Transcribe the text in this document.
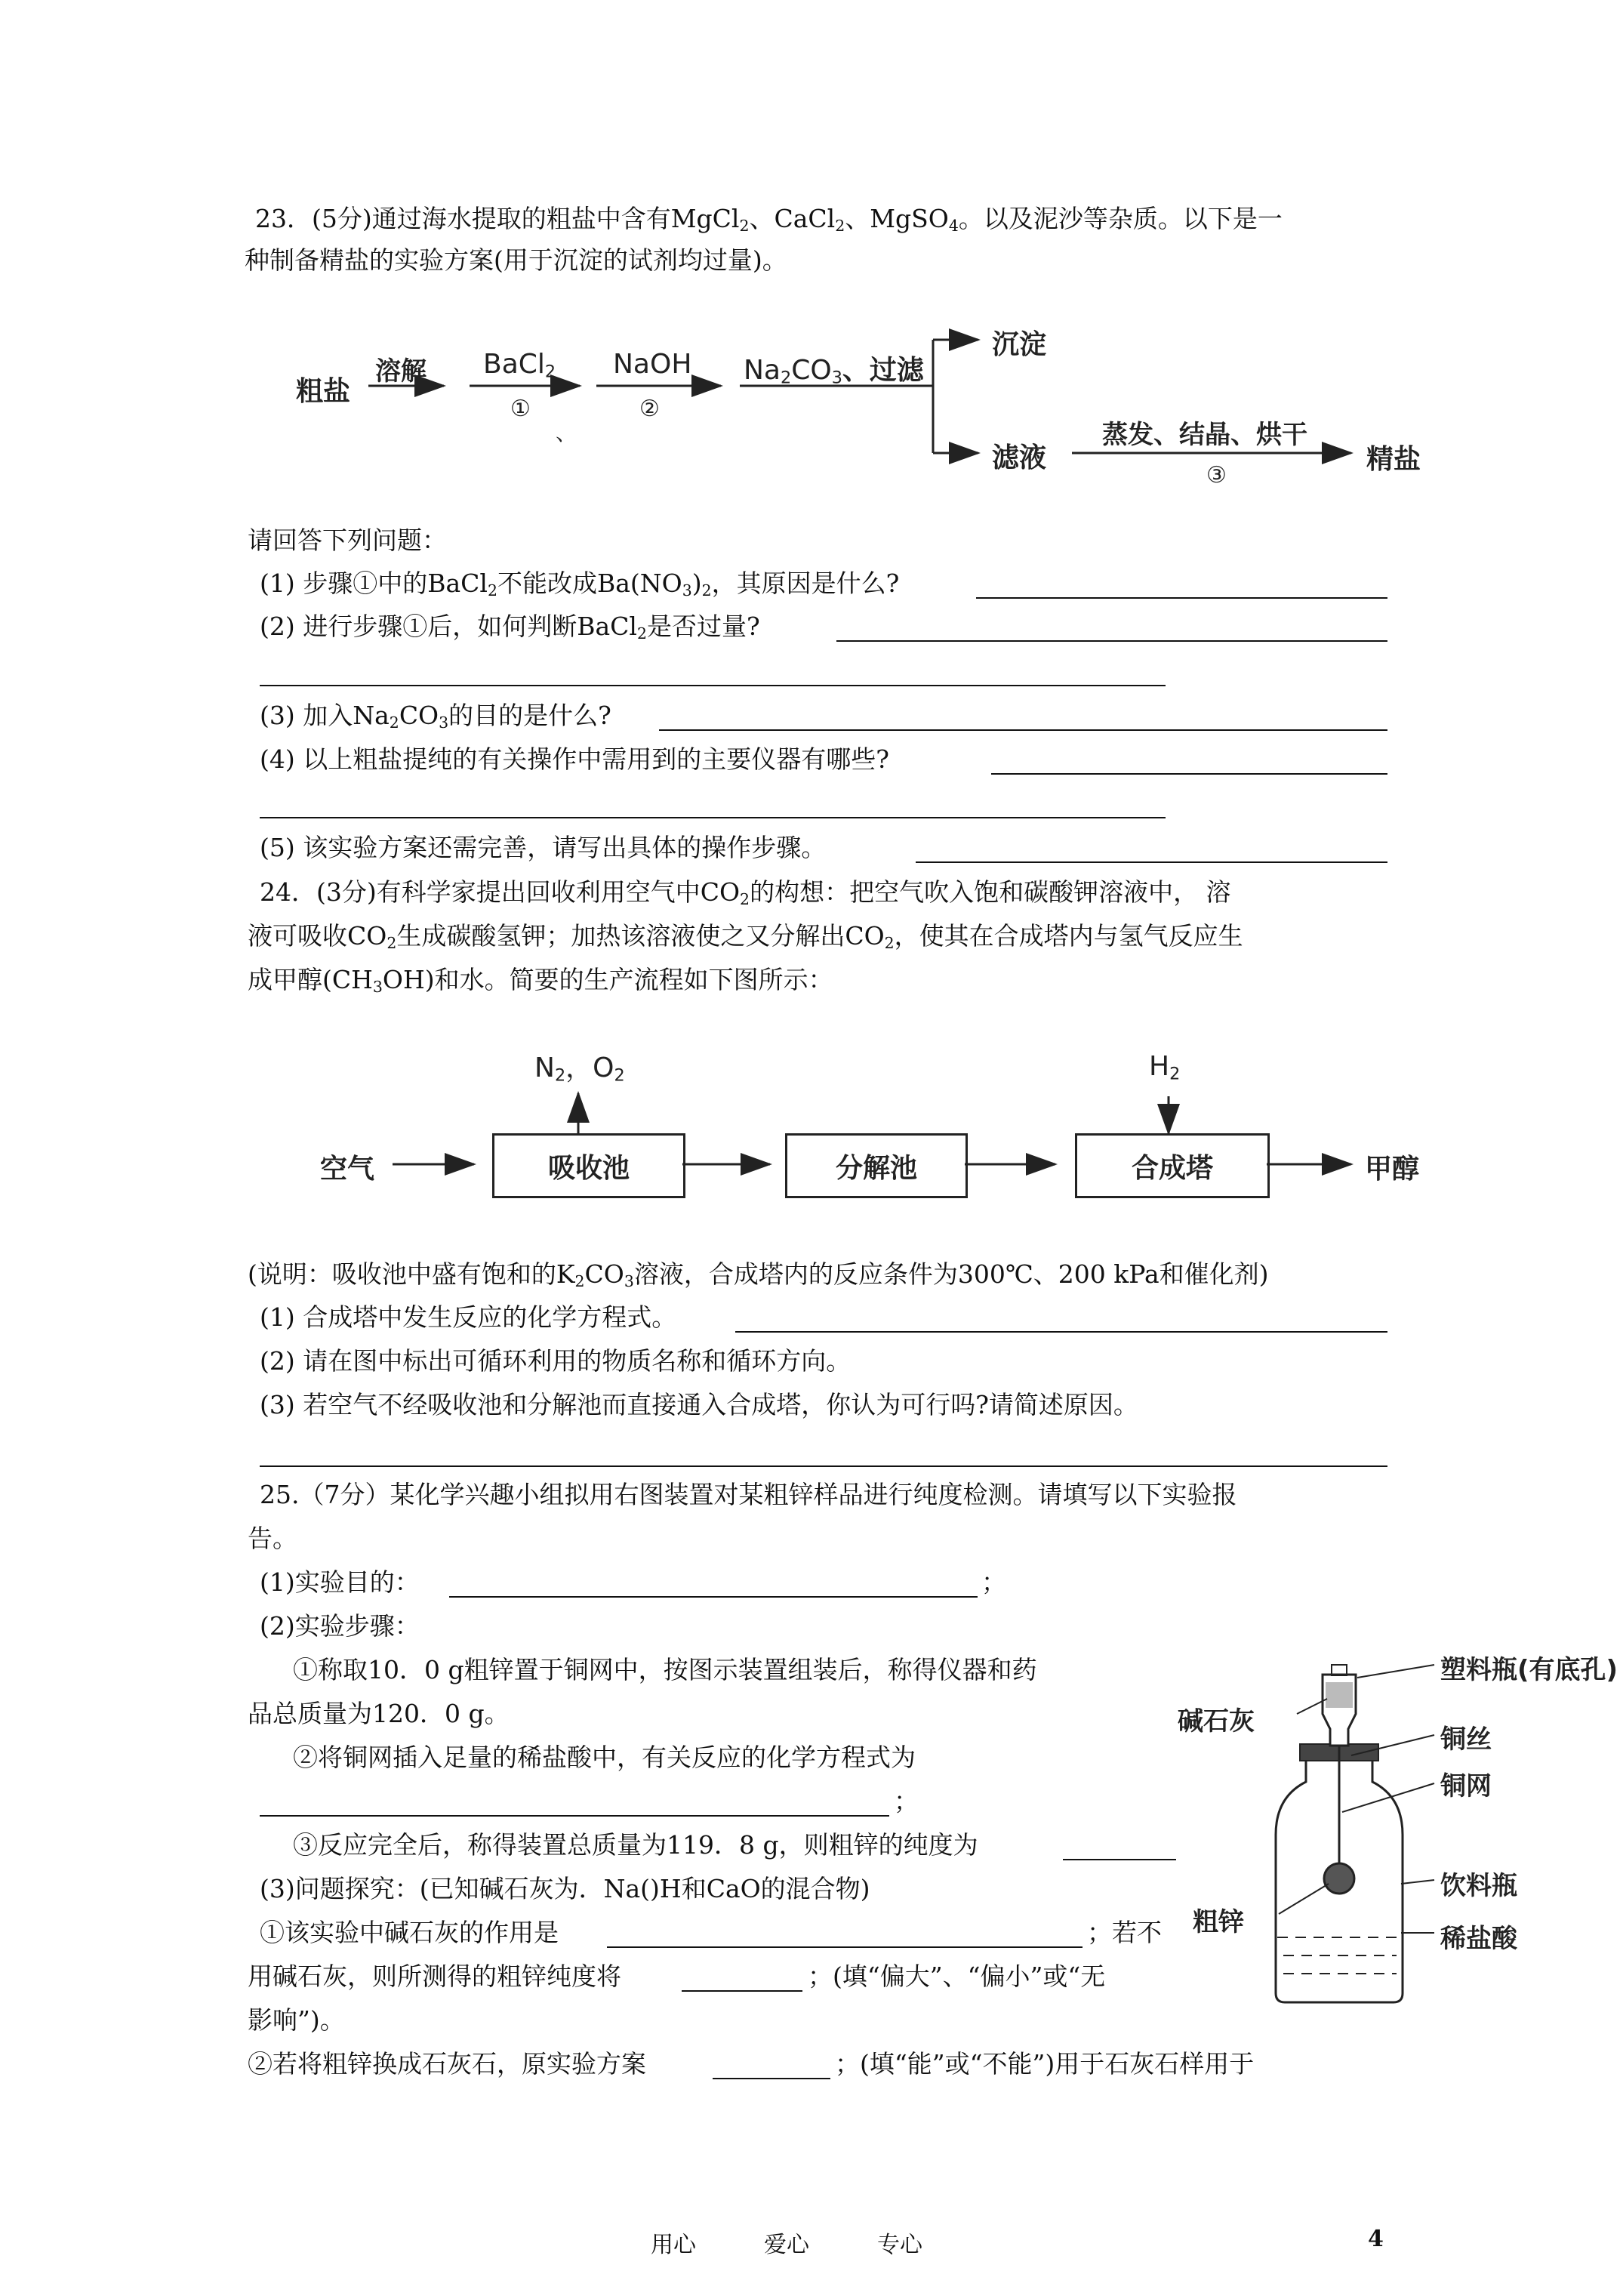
23．(5分)通过海水提取的粗盐中含有MgCl$_2$、CaCl$_2$、MgSO$_4$。以及泥沙等杂质。以下是一
种制备精盐的实验方案(用于沉淀的试剂均过量)。
粗盐
溶解 BaCl$_2$
①
、
NaOH
②
$Na_2CO_3$、过滤
沉淀
滤液
蒸发、结晶、烘干
③
精盐
请回答下列问题：
(1) 步骤①中的BaCl$_2$不能改成$Ba(NO_3)_2$，其原因是什么?
(2) 进行步骤①后，如何判断BaCl$_2$是否过量?
(3) 加入$Na_2CO_3$的目的是什么?
(4) 以上粗盐提纯的有关操作中需用到的主要仪器有哪些?
(5) 该实验方案还需完善，请写出具体的操作步骤。
24．(3分)有科学家提出回收利用空气中$CO_2$的构想：把空气吹入饱和碳酸钾溶液中， 溶
液可吸收$CO_2$生成碳酸氢钾；加热该溶液使之又分解出$CO_2$，使其在合成塔内与氢气反应生
成甲醇$(CH_3OH)$和水。简要的生产流程如下图所示：
空气	吸收池	分解池	合成塔	甲醇
$N_2$，$O_2$	$H_2$
(说明：吸收池中盛有饱和的$K_2CO_3$溶液，合成塔内的反应条件为300℃、200 kPa和催化剂)
(1) 合成塔中发生反应的化学方程式。
(2) 请在图中标出可循环利用的物质名称和循环方向。
(3) 若空气不经吸收池和分解池而直接通入合成塔，你认为可行吗?请简述原因。
25.（7分）某化学兴趣小组拟用右图装置对某粗锌样品进行纯度检测。请填写以下实验报
告。
(1)实验目的：	；
(2)实验步骤：
①称取10．0 g粗锌置于铜网中，按图示装置组装后，称得仪器和药
品总质量为120．0 g。
②将铜网插入足量的稀盐酸中，有关反应的化学方程式为
；
③反应完全后，称得装置总质量为119．8 g，则粗锌的纯度为
(3)问题探究：(已知碱石灰为．Na()H和CaO的混合物)
①该实验中碱石灰的作用是	；若不
用碱石灰，则所测得的粗锌纯度将	；(填“偏大”、“偏小”或“无
影响”)。
②若将粗锌换成石灰石，原实验方案	；(填“能”或“不能”)用于石灰石样用于
塑料瓶(有底孔)
碱石灰
铜丝
铜网
粗锌
饮料瓶
稀盐酸
用心	爱心	专心	4
